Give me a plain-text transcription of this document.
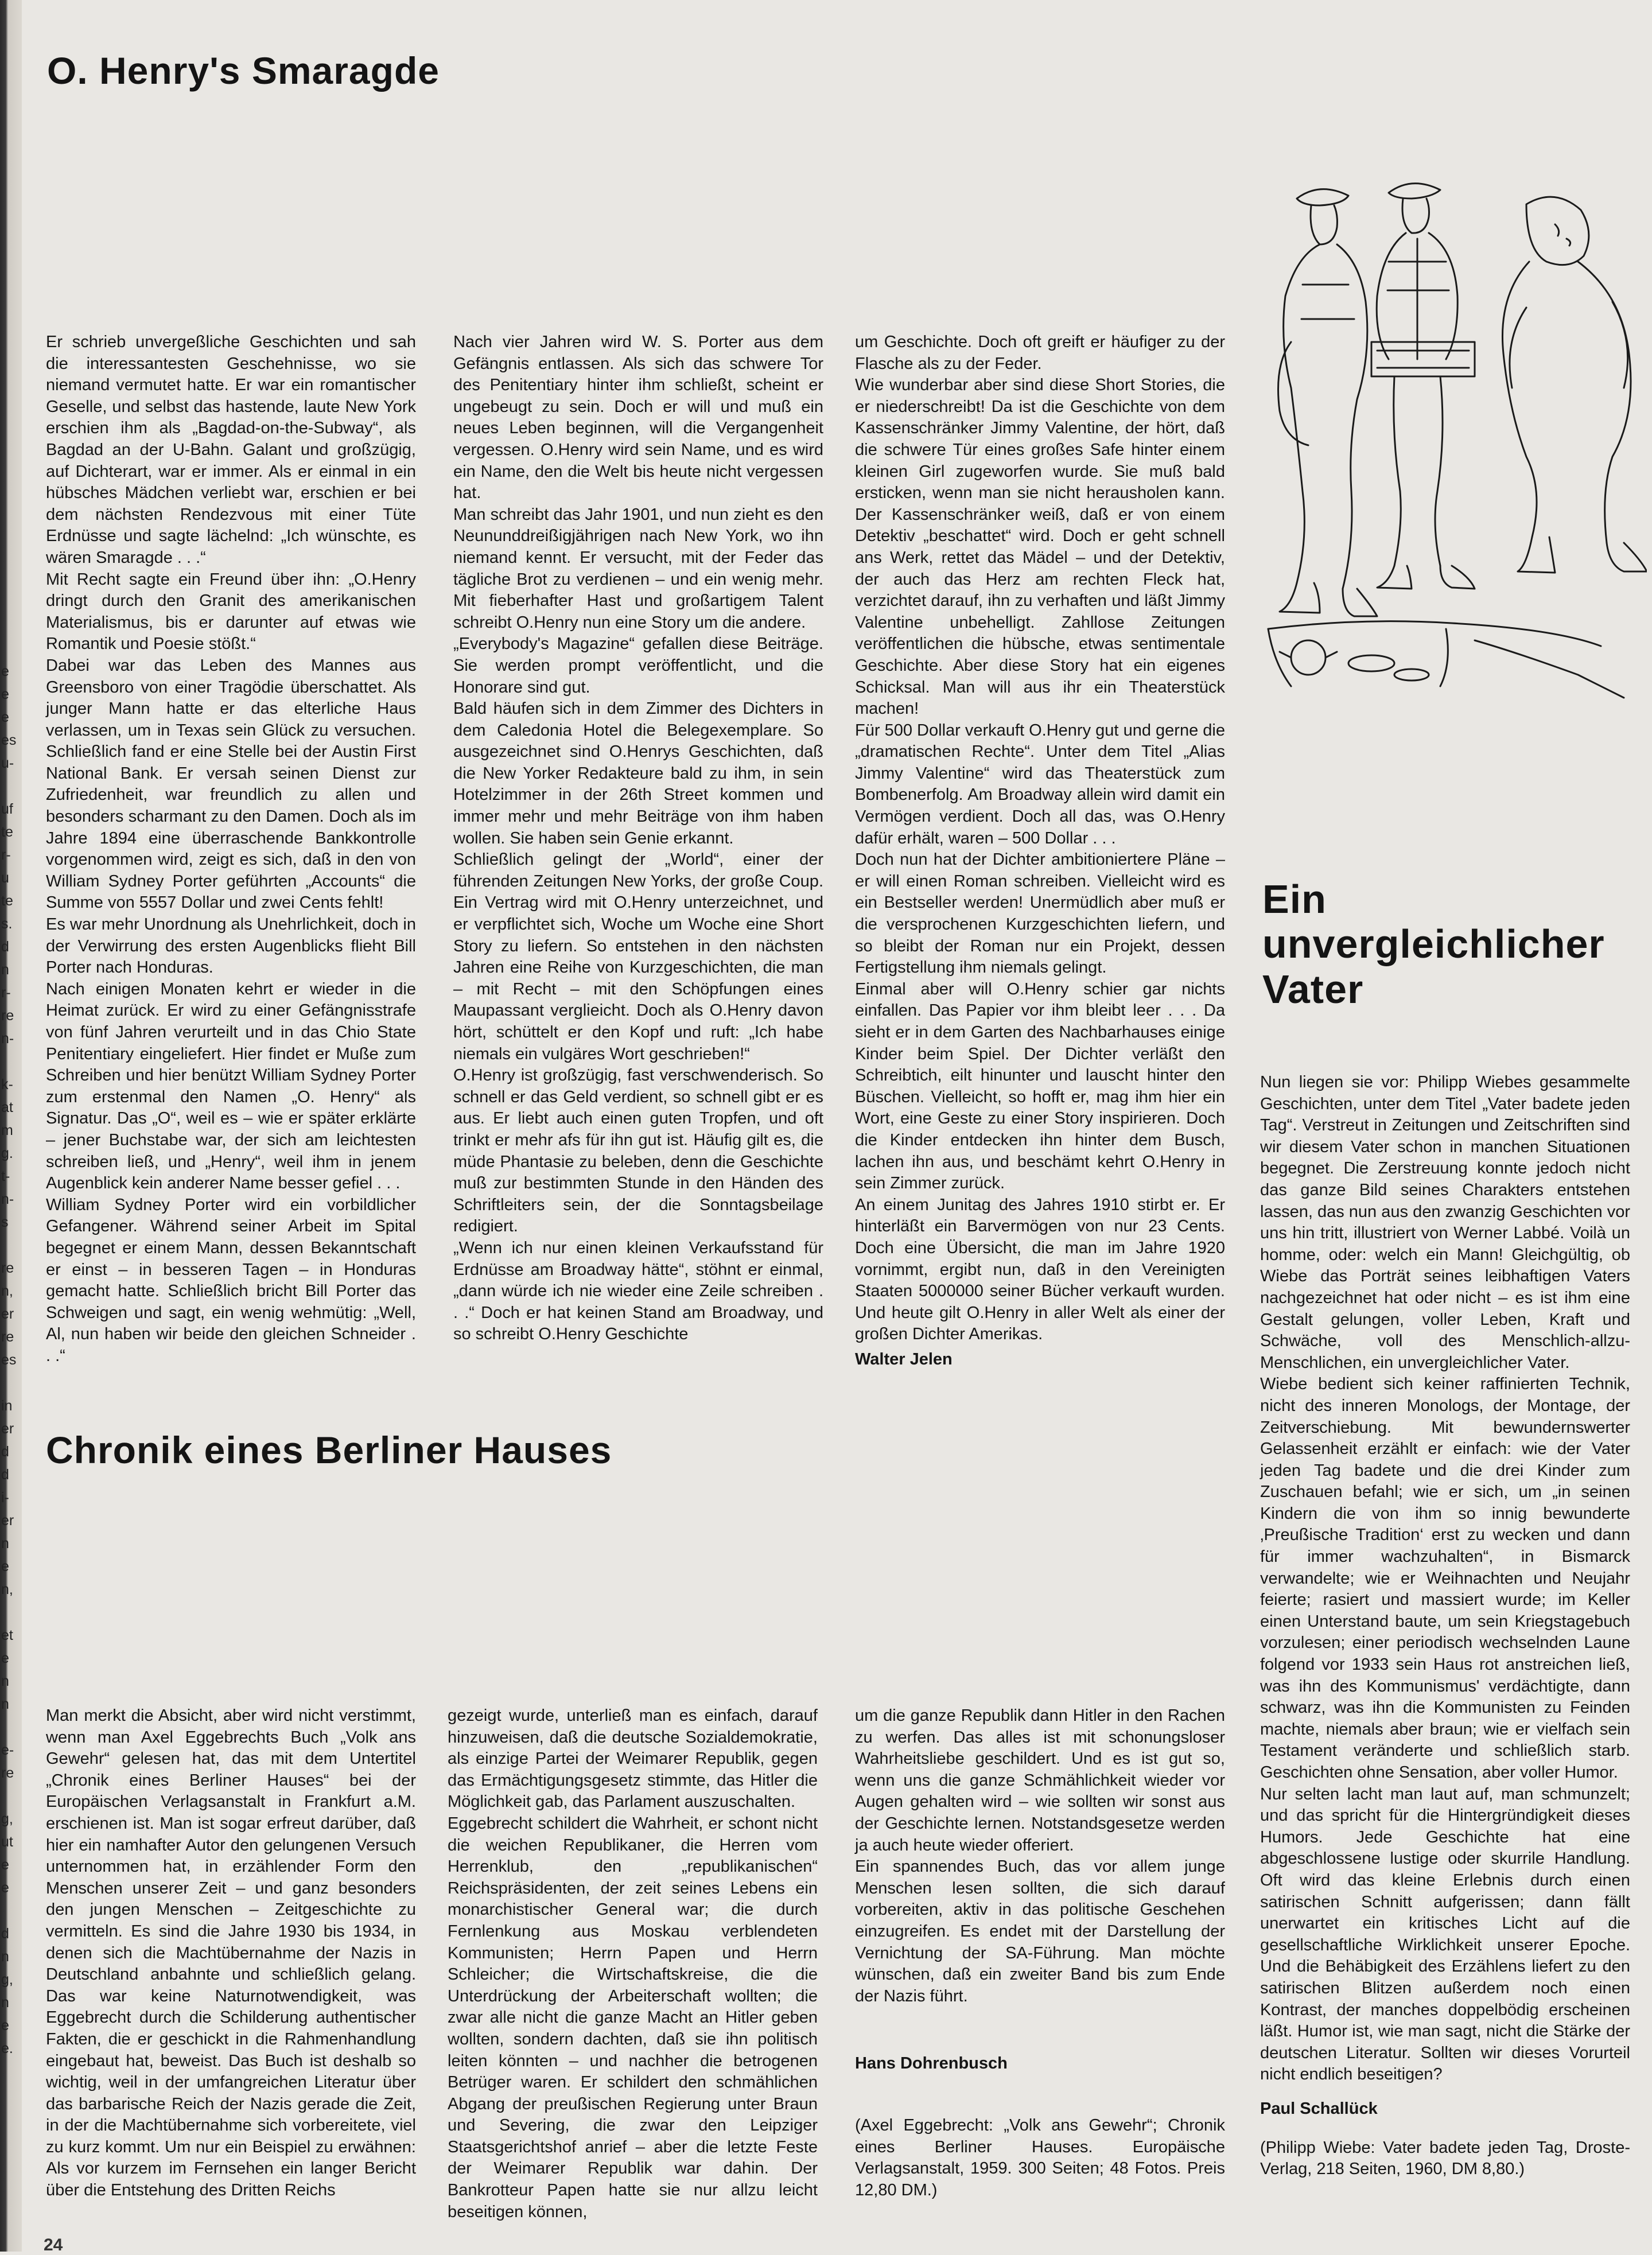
e
e
e
es
u-

uf
te
r-
u
te
s.
d
n
r-
re
n-

k-
at
m
g.
t-
n-
s

re
n,
er
re
es

in
er
d
d
i-
er
n
e
n,

et
e
n
n

e-
re

g,
ut
e
e

d
n
g,
n
e
e.
O. Henry's Smaragde

Er schrieb unvergeßliche Geschichten und sah die interessantesten Geschehnisse, wo sie niemand vermutet hatte. Er war ein romantischer Geselle, und selbst das hastende, laute New York erschien ihm als „Bagdad-on-the-Subway“, als Bagdad an der U-Bahn. Galant und großzügig, auf Dichterart, war er immer. Als er einmal in ein hübsches Mädchen verliebt war, erschien er bei dem nächsten Rendezvous mit einer Tüte Erdnüsse und sagte lächelnd: „Ich wünschte, es wären Smaragde . . .“

Mit Recht sagte ein Freund über ihn: „O.Henry dringt durch den Granit des amerikanischen Materialismus, bis er darunter auf etwas wie Romantik und Poesie stößt.“

Dabei war das Leben des Mannes aus Greensboro von einer Tragödie überschattet. Als junger Mann hatte er das elterliche Haus verlassen, um in Texas sein Glück zu versuchen. Schließlich fand er eine Stelle bei der Austin First National Bank. Er versah seinen Dienst zur Zufriedenheit, war freundlich zu allen und besonders scharmant zu den Damen. Doch als im Jahre 1894 eine überraschende Bankkontrolle vorgenommen wird, zeigt es sich, daß in den von William Sydney Porter geführten „Accounts“ die Summe von 5557 Dollar und zwei Cents fehlt!

Es war mehr Unordnung als Unehrlichkeit, doch in der Verwirrung des ersten Augenblicks flieht Bill Porter nach Honduras.

Nach einigen Monaten kehrt er wieder in die Heimat zurück. Er wird zu einer Gefängnisstrafe von fünf Jahren verurteilt und in das Chio State Penitentiary eingeliefert. Hier findet er Muße zum Schreiben und hier benützt William Sydney Porter zum erstenmal den Namen „O. Henry“ als Signatur. Das „O“, weil es – wie er später erklärte – jener Buchstabe war, der sich am leichtesten schreiben ließ, und „Henry“, weil ihm in jenem Augenblick kein anderer Name besser gefiel . . .

William Sydney Porter wird ein vorbildlicher Gefangener. Während seiner Arbeit im Spital begegnet er einem Mann, dessen Bekanntschaft er einst – in besseren Tagen – in Honduras gemacht hatte. Schließlich bricht Bill Porter das Schweigen und sagt, ein wenig wehmütig: „Well, Al, nun haben wir beide den gleichen Schneider . . .“

Nach vier Jahren wird W. S. Porter aus dem Gefängnis entlassen. Als sich das schwere Tor des Penitentiary hinter ihm schließt, scheint er ungebeugt zu sein. Doch er will und muß ein neues Leben beginnen, will die Vergangenheit vergessen. O.Henry wird sein Name, und es wird ein Name, den die Welt bis heute nicht vergessen hat.

Man schreibt das Jahr 1901, und nun zieht es den Neununddreißigjährigen nach New York, wo ihn niemand kennt. Er versucht, mit der Feder das tägliche Brot zu verdienen – und ein wenig mehr. Mit fieberhafter Hast und großartigem Talent schreibt O.Henry nun eine Story um die andere.

„Everybody's Magazine“ gefallen diese Beiträge. Sie werden prompt veröffentlicht, und die Honorare sind gut.

Bald häufen sich in dem Zimmer des Dichters in dem Caledonia Hotel die Belegexemplare. So ausgezeichnet sind O.Henrys Geschichten, daß die New Yorker Redakteure bald zu ihm, in sein Hotelzimmer in der 26th Street kommen und immer mehr und mehr Beiträge von ihm haben wollen. Sie haben sein Genie erkannt.

Schließlich gelingt der „World“, einer der führenden Zeitungen New Yorks, der große Coup. Ein Vertrag wird mit O.Henry unterzeichnet, und er verpflichtet sich, Woche um Woche eine Short Story zu liefern. So entstehen in den nächsten Jahren eine Reihe von Kurzgeschichten, die man – mit Recht – mit den Schöpfungen eines Maupassant verglieicht. Doch als O.Henry davon hört, schüttelt er den Kopf und ruft: „Ich habe niemals ein vulgäres Wort geschrieben!“

O.Henry ist großzügig, fast verschwenderisch. So schnell er das Geld verdient, so schnell gibt er es aus. Er liebt auch einen guten Tropfen, und oft trinkt er mehr afs für ihn gut ist. Häufig gilt es, die müde Phantasie zu beleben, denn die Geschichte muß zur bestimmten Stunde in den Händen des Schriftleiters sein, der die Sonntagsbeilage redigiert.

„Wenn ich nur einen kleinen Verkaufsstand für Erdnüsse am Broadway hätte“, stöhnt er einmal, „dann würde ich nie wieder eine Zeile schreiben . . .“ Doch er hat keinen Stand am Broadway, und so schreibt O.Henry Geschichte

um Geschichte. Doch oft greift er häufiger zu der Flasche als zu der Feder.

Wie wunderbar aber sind diese Short Stories, die er niederschreibt! Da ist die Geschichte von dem Kassenschränker Jimmy Valentine, der hört, daß die schwere Tür eines großes Safe hinter einem kleinen Girl zugeworfen wurde. Sie muß bald ersticken, wenn man sie nicht herausholen kann. Der Kassenschränker weiß, daß er von einem Detektiv „beschattet“ wird. Doch er geht schnell ans Werk, rettet das Mädel – und der Detektiv, der auch das Herz am rechten Fleck hat, verzichtet darauf, ihn zu verhaften und läßt Jimmy Valentine unbehelligt. Zahllose Zeitungen veröffentlichen die hübsche, etwas sentimentale Geschichte. Aber diese Story hat ein eigenes Schicksal. Man will aus ihr ein Theaterstück machen!

Für 500 Dollar verkauft O.Henry gut und gerne die „dramatischen Rechte“. Unter dem Titel „Alias Jimmy Valentine“ wird das Theaterstück zum Bombenerfolg. Am Broadway allein wird damit ein Vermögen verdient. Doch all das, was O.Henry dafür erhält, waren – 500 Dollar . . .

Doch nun hat der Dichter ambitioniertere Pläne – er will einen Roman schreiben. Vielleicht wird es ein Bestseller werden! Unermüdlich aber muß er die versprochenen Kurzgeschichten liefern, und so bleibt der Roman nur ein Projekt, dessen Fertigstellung ihm niemals gelingt.

Einmal aber will O.Henry schier gar nichts einfallen. Das Papier vor ihm bleibt leer . . . Da sieht er in dem Garten des Nachbarhauses einige Kinder beim Spiel. Der Dichter verläßt den Schreibtich, eilt hinunter und lauscht hinter den Büschen. Vielleicht, so hofft er, mag ihm hier ein Wort, eine Geste zu einer Story inspirieren. Doch die Kinder entdecken ihn hinter dem Busch, lachen ihn aus, und beschämt kehrt O.Henry in sein Zimmer zurück.

An einem Junitag des Jahres 1910 stirbt er. Er hinterläßt ein Barvermögen von nur 23 Cents. Doch eine Übersicht, die man im Jahre 1920 vornimmt, ergibt nun, daß in den Vereinigten Staaten 5000000 seiner Bücher verkauft wurden. Und heute gilt O.Henry in aller Welt als einer der großen Dichter Amerikas.

Walter Jelen

Chronik eines Berliner Hauses

Man merkt die Absicht, aber wird nicht verstimmt, wenn man Axel Eggebrechts Buch „Volk ans Gewehr“ gelesen hat, das mit dem Untertitel „Chronik eines Berliner Hauses“ bei der Europäischen Verlagsanstalt in Frankfurt a.M. erschienen ist. Man ist sogar erfreut darüber, daß hier ein namhafter Autor den gelungenen Versuch unternommen hat, in erzählender Form den Menschen unserer Zeit – und ganz besonders den jungen Menschen – Zeitgeschichte zu vermitteln. Es sind die Jahre 1930 bis 1934, in denen sich die Machtübernahme der Nazis in Deutschland anbahnte und schließlich gelang. Das war keine Naturnotwendigkeit, was Eggebrecht durch die Schilderung authentischer Fakten, die er geschickt in die Rahmenhandlung eingebaut hat, beweist. Das Buch ist deshalb so wichtig, weil in der umfangreichen Literatur über das barbarische Reich der Nazis gerade die Zeit, in der die Machtübernahme sich vorbereitete, viel zu kurz kommt. Um nur ein Beispiel zu erwähnen: Als vor kurzem im Fernsehen ein langer Bericht über die Entstehung des Dritten Reichs

gezeigt wurde, unterließ man es einfach, darauf hinzuweisen, daß die deutsche Sozialdemokratie, als einzige Partei der Weimarer Republik, gegen das Ermächtigungsgesetz stimmte, das Hitler die Möglichkeit gab, das Parlament auszuschalten.

Eggebrecht schildert die Wahrheit, er schont nicht die weichen Republikaner, die Herren vom Herrenklub, den „republikanischen“ Reichspräsidenten, der zeit seines Lebens ein monarchistischer General war; die durch Fernlenkung aus Moskau verblendeten Kommunisten; Herrn Papen und Herrn Schleicher; die Wirtschaftskreise, die die Unterdrückung der Arbeiterschaft wollten; die zwar alle nicht die ganze Macht an Hitler geben wollten, sondern dachten, daß sie ihn politisch leiten könnten – und nachher die betrogenen Betrüger waren. Er schildert den schmählichen Abgang der preußischen Regierung unter Braun und Severing, die zwar den Leipziger Staatsgerichtshof anrief – aber die letzte Feste der Weimarer Republik war dahin. Der Bankrotteur Papen hatte sie nur allzu leicht beseitigen können,

um die ganze Republik dann Hitler in den Rachen zu werfen. Das alles ist mit schonungsloser Wahrheitsliebe geschildert. Und es ist gut so, wenn uns die ganze Schmählichkeit wieder vor Augen gehalten wird – wie sollten wir sonst aus der Geschichte lernen. Notstandsgesetze werden ja auch heute wieder offeriert.

Ein spannendes Buch, das vor allem junge Menschen lesen sollten, die sich darauf vorbereiten, aktiv in das politische Geschehen einzugreifen. Es endet mit der Darstellung der Vernichtung der SA-Führung. Man möchte wünschen, daß ein zweiter Band bis zum Ende der Nazis führt.

Hans Dohrenbusch

(Axel Eggebrecht: „Volk ans Gewehr“; Chronik eines Berliner Hauses. Europäische Verlagsanstalt, 1959. 300 Seiten; 48 Fotos. Preis 12,80 DM.)

Ein
unvergleichlicher
Vater

Nun liegen sie vor: Philipp Wiebes gesammelte Geschichten, unter dem Titel „Vater badete jeden Tag“. Verstreut in Zeitungen und Zeitschriften sind wir diesem Vater schon in manchen Situationen begegnet. Die Zerstreuung konnte jedoch nicht das ganze Bild seines Charakters entstehen lassen, das nun aus den zwanzig Geschichten vor uns hin tritt, illustriert von Werner Labbé. Voilà un homme, oder: welch ein Mann! Gleichgültig, ob Wiebe das Porträt seines leibhaftigen Vaters nachgezeichnet hat oder nicht – es ist ihm eine Gestalt gelungen, voller Leben, Kraft und Schwäche, voll des Menschlich-allzu-Menschlichen, ein unvergleichlicher Vater.

Wiebe bedient sich keiner raffinierten Technik, nicht des inneren Monologs, der Montage, der Zeitverschiebung. Mit bewundernswerter Gelassenheit erzählt er einfach: wie der Vater jeden Tag badete und die drei Kinder zum Zuschauen befahl; wie er sich, um „in seinen Kindern die von ihm so innig bewunderte ‚Preußische Tradition‘ erst zu wecken und dann für immer wachzuhalten“, in Bismarck verwandelte; wie er Weihnachten und Neujahr feierte; rasiert und massiert wurde; im Keller einen Unterstand baute, um sein Kriegstagebuch vorzulesen; einer periodisch wechselnden Laune folgend vor 1933 sein Haus rot anstreichen ließ, was ihn des Kommunismus' verdächtigte, dann schwarz, was ihn die Kommunisten zu Feinden machte, niemals aber braun; wie er vielfach sein Testament veränderte und schließlich starb. Geschichten ohne Sensation, aber voller Humor.

Nur selten lacht man laut auf, man schmunzelt; und das spricht für die Hintergründigkeit dieses Humors. Jede Geschichte hat eine abgeschlossene lustige oder skurrile Handlung. Oft wird das kleine Erlebnis durch einen satirischen Schnitt aufgerissen; dann fällt unerwartet ein kritisches Licht auf die gesellschaftliche Wirklichkeit unserer Epoche. Und die Behäbigkeit des Erzählens liefert zu den satirischen Blitzen außerdem noch einen Kontrast, der manches doppelbödig erscheinen läßt. Humor ist, wie man sagt, nicht die Stärke der deutschen Literatur. Sollten wir dieses Vorurteil nicht endlich beseitigen?

Paul Schallück

(Philipp Wiebe: Vater badete jeden Tag, Droste-Verlag, 218 Seiten, 1960, DM 8,80.)

24
